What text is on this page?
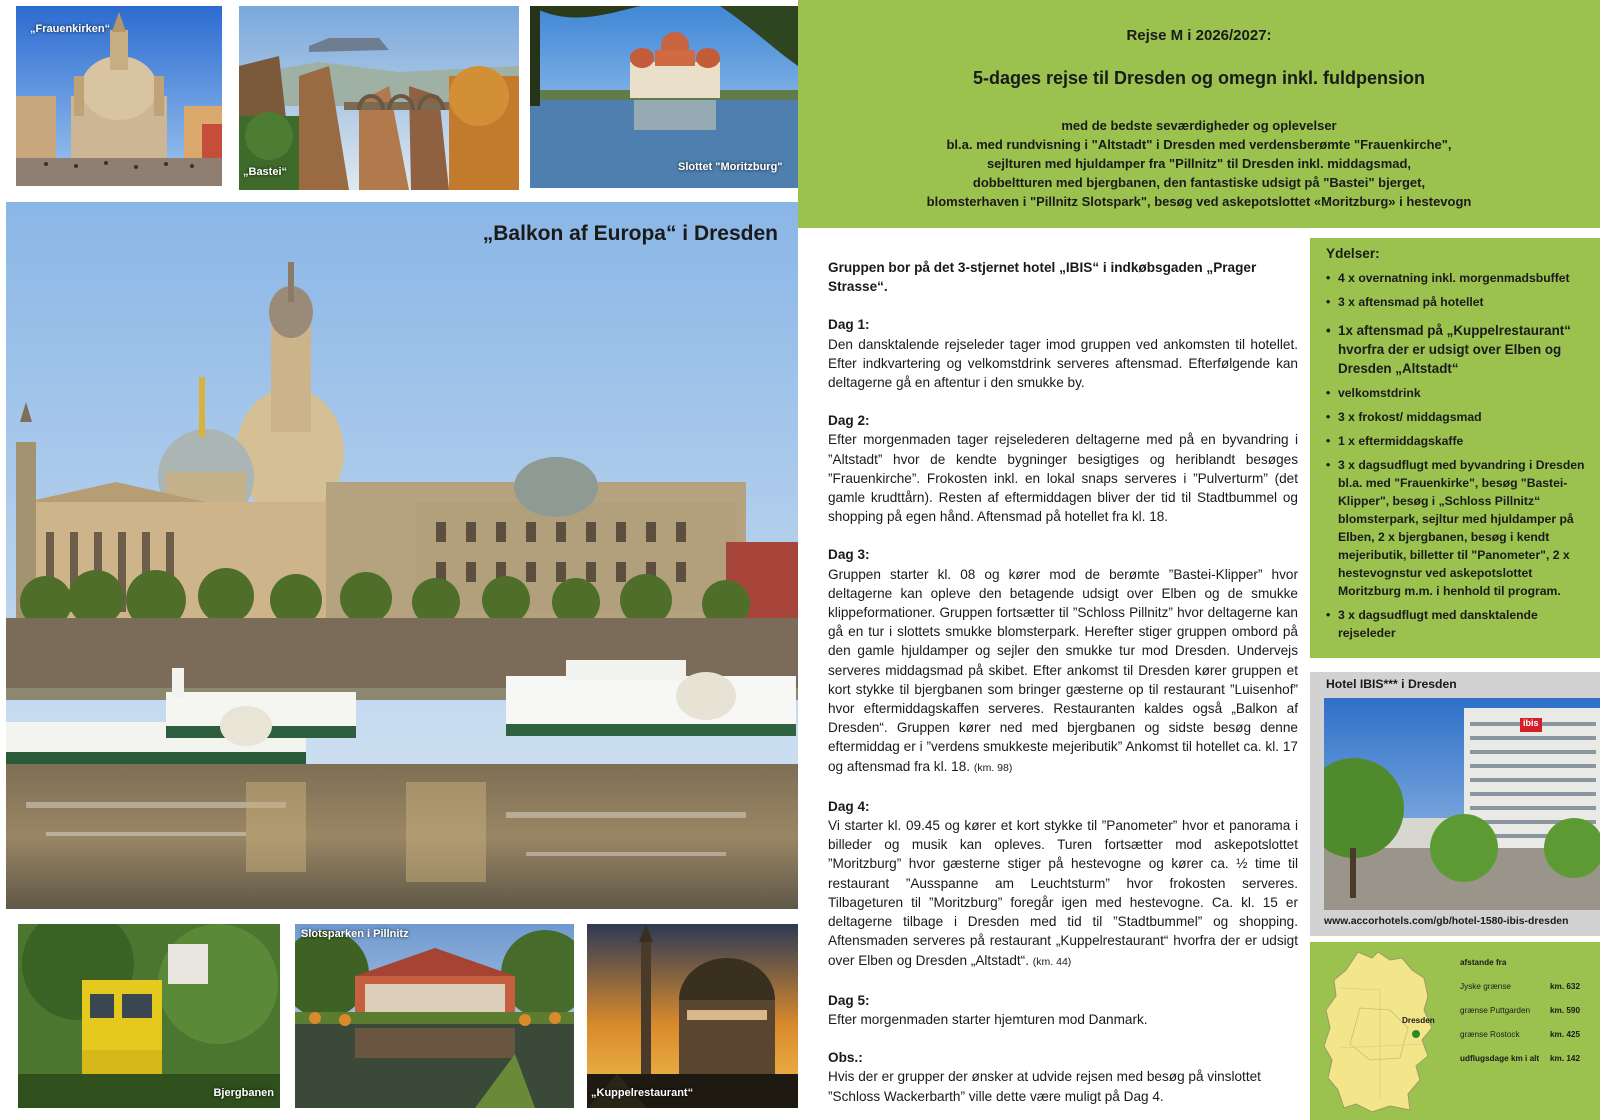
„Frauenkirken“
„Bastei“	Slottet "Moritzburg"
„Balkon af Europa“ i Dresden
Bjergbanen
Slotsparken i Pillnitz
„Kuppelrestaurant“
Rejse M i 2026/2027:
5-dages rejse til Dresden og omegn inkl. fuldpension
med de bedste seværdigheder og oplevelser
bl.a. med rundvisning i "Altstadt" i Dresden med verdensberømte "Frauenkirche",
sejlturen med hjuldamper fra "Pillnitz" til Dresden inkl. middagsmad,
dobbeltturen med bjergbanen, den fantastiske udsigt på "Bastei" bjerget,
blomsterhaven i "Pillnitz Slotspark", besøg ved askepotslottet «Moritzburg» i hestevogn

Gruppen bor på det 3-stjernet hotel „IBIS“ i indkøbsgaden „Prager Strasse“.

Dag 1:

Den dansktalende rejseleder tager imod gruppen ved ankomsten til hotellet. Efter indkvartering og velkomstdrink serveres aftensmad. Efterfølgende kan deltagerne gå en aftentur i den smukke by.

Dag 2:

Efter morgenmaden tager rejselederen deltagerne med på en byvandring i ”Altstadt” hvor de kendte bygninger besigtiges og heriblandt besøges ”Frauenkirche”. Frokosten inkl. en lokal snaps serveres i ”Pulverturm” (det gamle krudttårn). Resten af eftermiddagen bliver der tid til Stadtbummel og shopping på egen hånd. Aftensmad på hotellet fra kl. 18.

Dag 3:

Gruppen starter kl. 08 og kører mod de berømte ”Bastei-Klipper” hvor deltagerne kan opleve den betagende udsigt over Elben og de smukke klippeformationer. Gruppen fortsætter til ”Schloss Pillnitz” hvor deltagerne kan gå en tur i slottets smukke blomsterpark. Herefter stiger gruppen ombord på den gamle hjuldamper og sejler den smukke tur mod Dresden. Undervejs serveres middagsmad på skibet. Efter ankomst til Dresden kører gruppen et kort stykke til bjergbanen som bringer gæsterne op til restaurant ”Luisenhof” hvor eftermiddagskaffen serveres. Restauranten kaldes også „Balkon af Dresden“. Gruppen kører ned med bjergbanen og sidste besøg denne eftermiddag er i ”verdens smukkeste mejeributik” Ankomst til hotellet ca. kl. 17 og aftensmad fra kl. 18. (km. 98)

Dag 4:

Vi starter kl. 09.45 og kører et kort stykke til ”Panometer” hvor et panorama i billeder og musik kan opleves. Turen fortsætter mod askepotslottet ”Moritzburg” hvor gæsterne stiger på hestevogne og kører ca. ½ time til restaurant ”Ausspanne am Leuchtsturm” hvor frokosten serveres. Tilbageturen til ”Moritzburg” foregår igen med hestevogne. Ca. kl. 15 er deltagerne tilbage i Dresden med tid til ”Stadtbummel” og shopping. Aftensmaden serveres på restaurant „Kuppelrestaurant“ hvorfra der er udsigt over Elben og Dresden „Altstadt“. (km. 44)

Dag 5:

Efter morgenmaden starter hjemturen mod Danmark.

Obs.:

Hvis der er grupper der ønsker at udvide rejsen med besøg på vinslottet ”Schloss Wackerbarth” ville dette være muligt på Dag 4.

Ydelser:
• 4 x overnatning inkl. morgenmadsbuffet
• 3 x aftensmad på hotellet
• 1x aftensmad på „Kuppelrestaurant“ hvorfra der er udsigt over Elben og Dresden „Altstadt“
• velkomstdrink
• 3 x frokost/ middagsmad
• 1 x eftermiddagskaffe
• 3 x dagsudflugt med byvandring i Dresden bl.a. med "Frauenkirke", besøg "Bastei-Klipper", besøg i „Schloss Pillnitz“ blomsterpark, sejltur med hjuldamper på Elben, 2 x bjergbanen, besøg i kendt mejeributik, billetter til "Panometer", 2 x hestevognstur ved askepotslottet Moritzburg m.m. i henhold til program.
• 3 x dagsudflugt med dansktalende rejseleder
Hotel IBIS*** i Dresden
ibis
www.accorhotels.com/gb/hotel-1580-ibis-dresden
Dresden
afstande fra
Jyske grænse	km. 632
grænse Puttgarden km. 590
grænse Rostock	km. 425
udflugsdage km i alt km. 142
